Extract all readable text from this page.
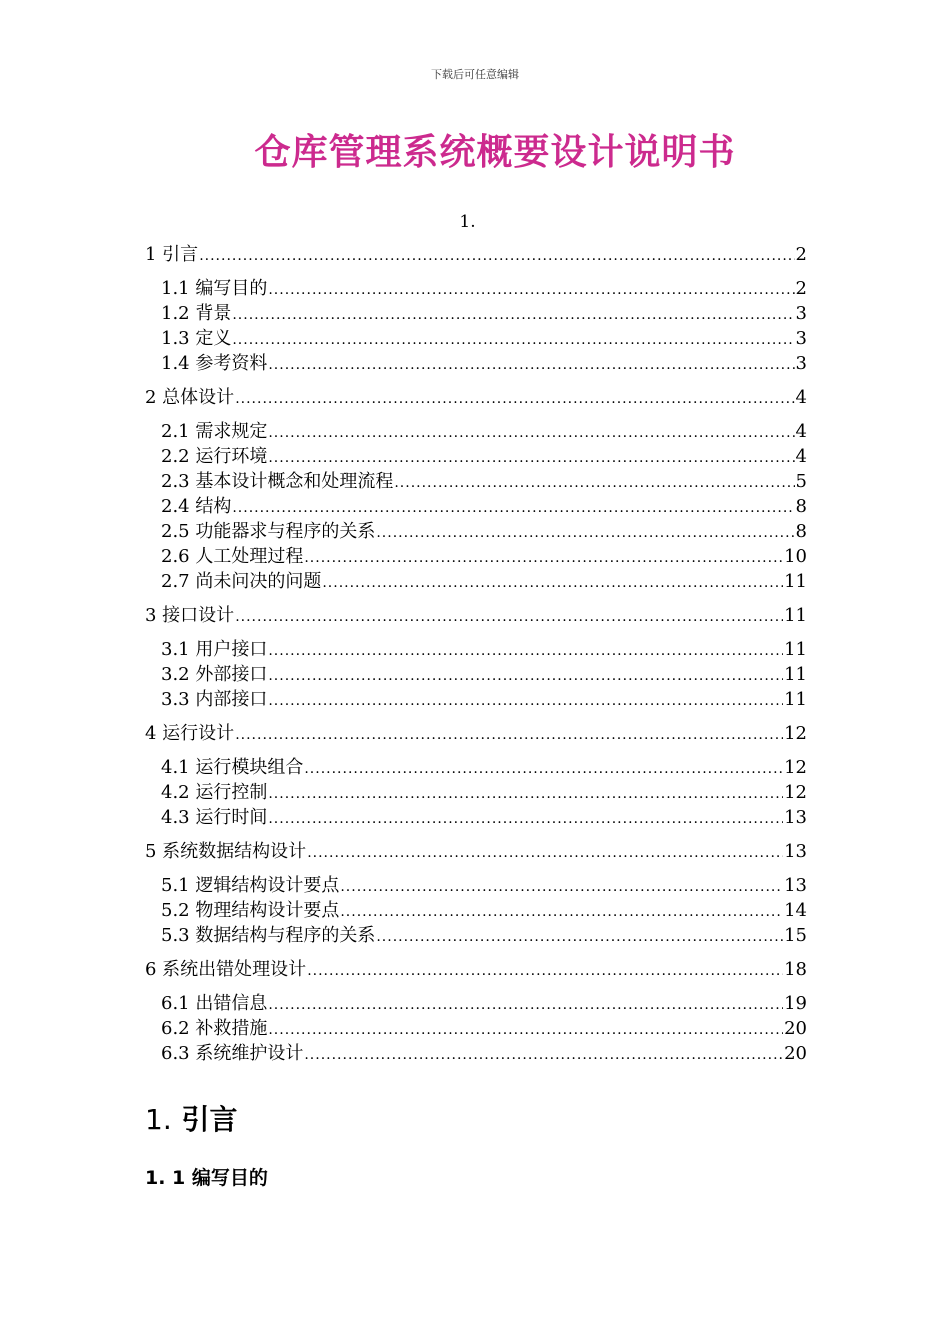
下载后可任意编辑
仓库管理系统概要设计说明书
1.
1 引言 .....	2
1.1 编写目的 .....	2
1.2 背景 .....	3
1.3 定义 .....	3
1.4 参考资料 .....	3
2 总体设计 .....	4
2.1 需求规定 .....	4
2.2 运行环境 .....	4
2.3 基本设计概念和处理流程 .....	5
2.4 结构 .....	8
2.5 功能器求与程序的关系 .....	8
2.6 人工处理过程 .....	10
2.7 尚未问决的问题 .....	11
3 接口设计 .....	11
3.1 用户接口 .....	11
3.2 外部接口 .....	11
3.3 内部接口 .....	11
4 运行设计 .....	12
4.1 运行模块组合 .....	12
4.2 运行控制 .....	12
4.3 运行时间 .....	13
5 系统数据结构设计 .....	13
5.1 逻辑结构设计要点 .....	13
5.2 物理结构设计要点 .....	14
5.3 数据结构与程序的关系 .....	15
6 系统出错处理设计 .....	18
6.1 出错信息 .....	19
6.2 补救措施 .....	20
6.3 系统维护设计 .....	20
1. 引言
1. 1 编写目的
